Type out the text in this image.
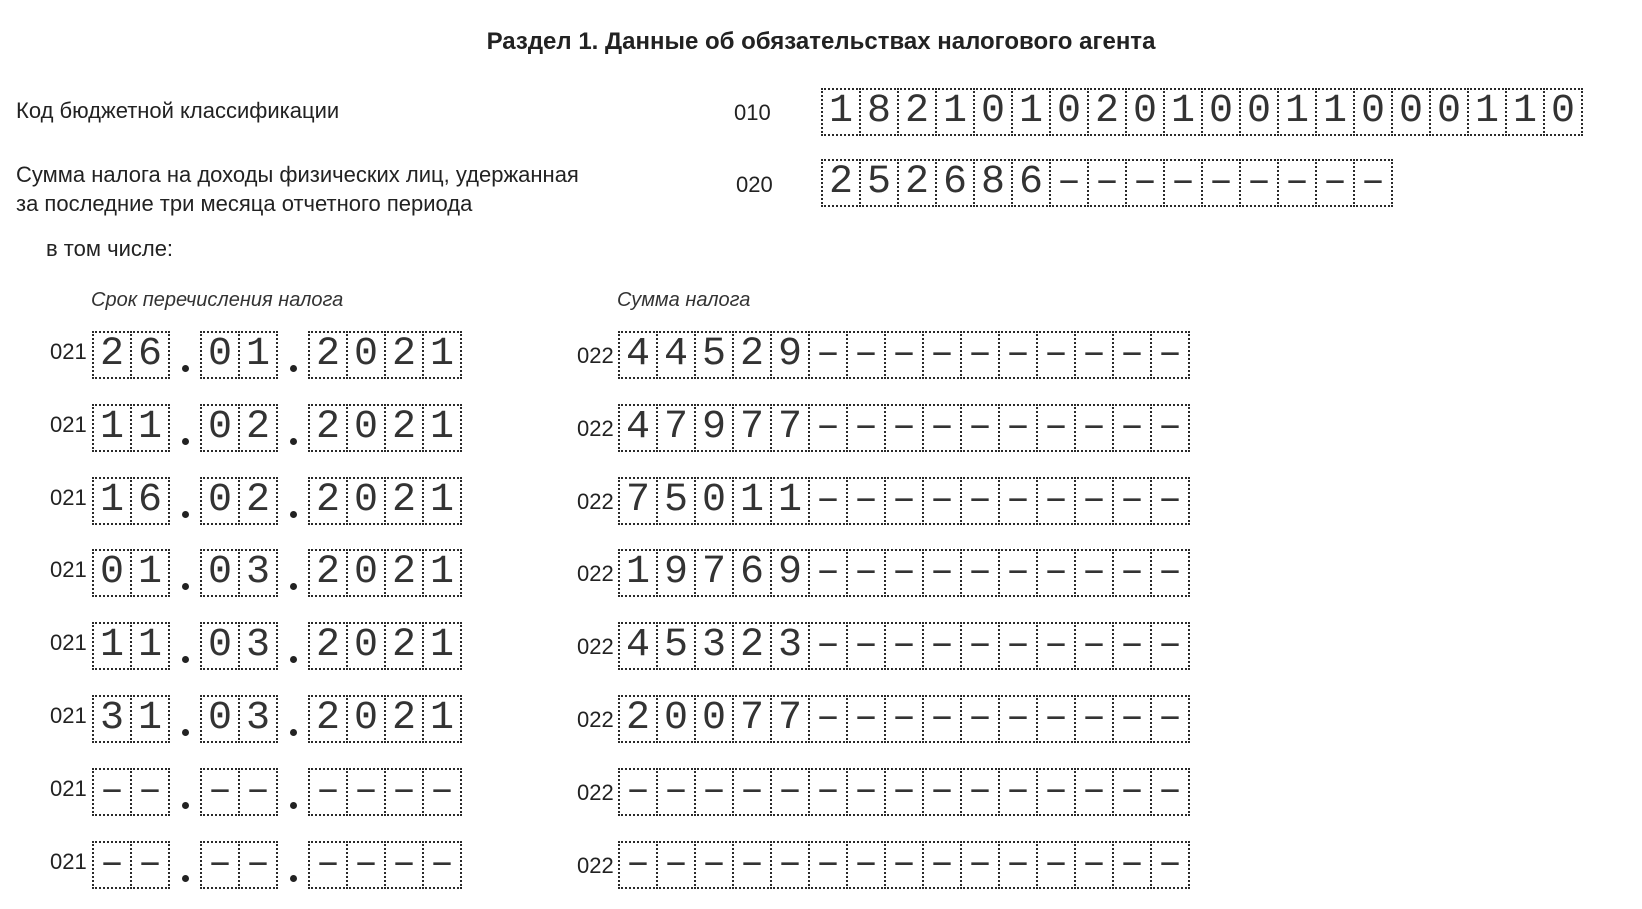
Раздел 1. Данные об обязательствах налогового агента
Код бюджетной классификации	010 1 8 2 1 0 1 0 2 0 1 0 0 1 1 0 0 0 1 1 0
Сумма налога на доходы физических лиц, удержанная
за последние три месяца отчетного периода
020 2 5 2 6 8 6 – – – – – – – – –
в том числе:
Срок перечисления налога	Сумма налога
021 2 6 0 1 2 0 2 1	022 4 4 5 2 9 – – – – – – – – – –
021 1 1 0 2 2 0 2 1	022 4 7 9 7 7 – – – – – – – – – –
021 1 6 0 2 2 0 2 1	022 7 5 0 1 1 – – – – – – – – – –
021 0 1 0 3 2 0 2 1	022 1 9 7 6 9 – – – – – – – – – –
021 1 1 0 3 2 0 2 1	022 4 5 3 2 3 – – – – – – – – – –
021 3 1 0 3 2 0 2 1	022 2 0 0 7 7 – – – – – – – – – –
021 – – – – – – – –	022 – – – – – – – – – – – – – – –
021 – – – – – – – –	022 – – – – – – – – – – – – – – –
